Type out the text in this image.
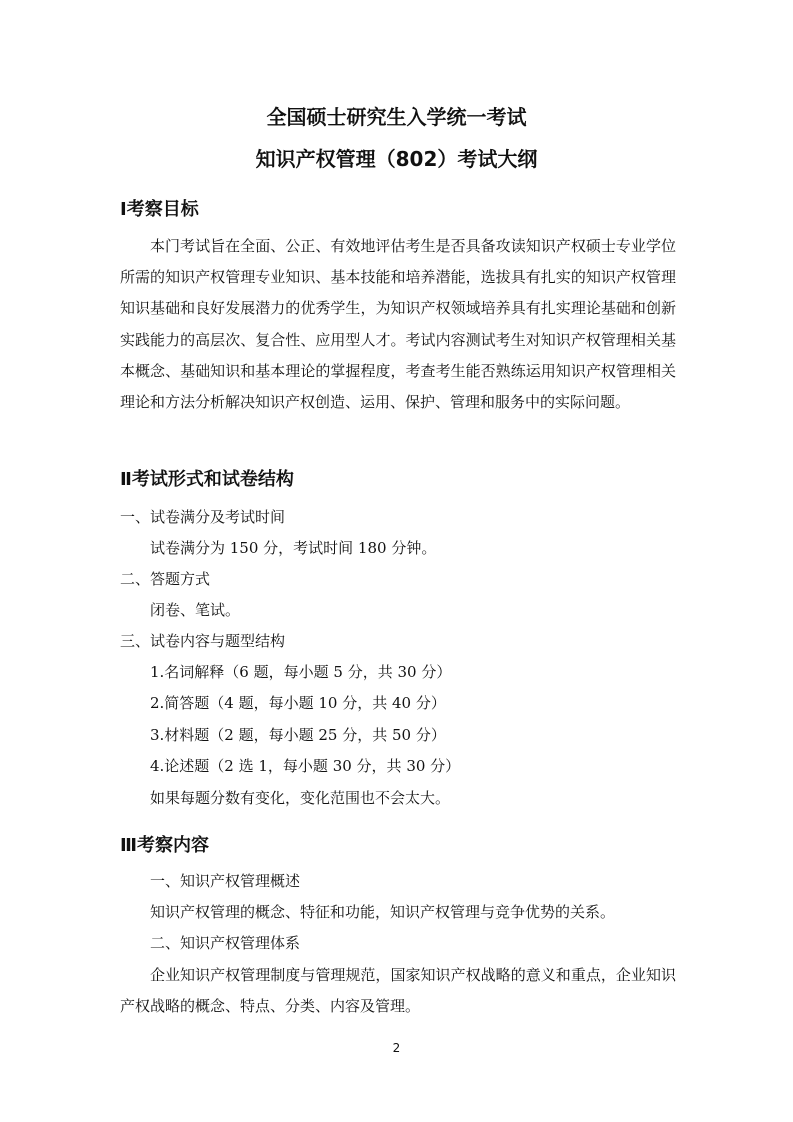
全国硕士研究生入学统一考试
知识产权管理（802）考试大纲
Ⅰ考察目标

本门考试旨在全面、公正、有效地评估考生是否具备攻读知识产权硕士专业学位所需的知识产权管理专业知识、基本技能和培养潜能，选拔具有扎实的知识产权管理知识基础和良好发展潜力的优秀学生，为知识产权领域培养具有扎实理论基础和创新实践能力的高层次、复合性、应用型人才。考试内容测试考生对知识产权管理相关基本概念、基础知识和基本理论的掌握程度，考查考生能否熟练运用知识产权管理相关理论和方法分析解决知识产权创造、运用、保护、管理和服务中的实际问题。

Ⅱ考试形式和试卷结构
一、试卷满分及考试时间
试卷满分为 150 分，考试时间 180 分钟。
二、答题方式
闭卷、笔试。
三、试卷内容与题型结构
1.名词解释（6 题，每小题 5 分，共 30 分）
2.简答题（4 题，每小题 10 分，共 40 分）
3.材料题（2 题，每小题 25 分，共 50 分）
4.论述题（2 选 1，每小题 30 分，共 30 分）
如果每题分数有变化，变化范围也不会太大。
Ⅲ考察内容
一、知识产权管理概述
知识产权管理的概念、特征和功能，知识产权管理与竞争优势的关系。
二、知识产权管理体系

企业知识产权管理制度与管理规范，国家知识产权战略的意义和重点，企业知识产权战略的概念、特点、分类、内容及管理。

2
